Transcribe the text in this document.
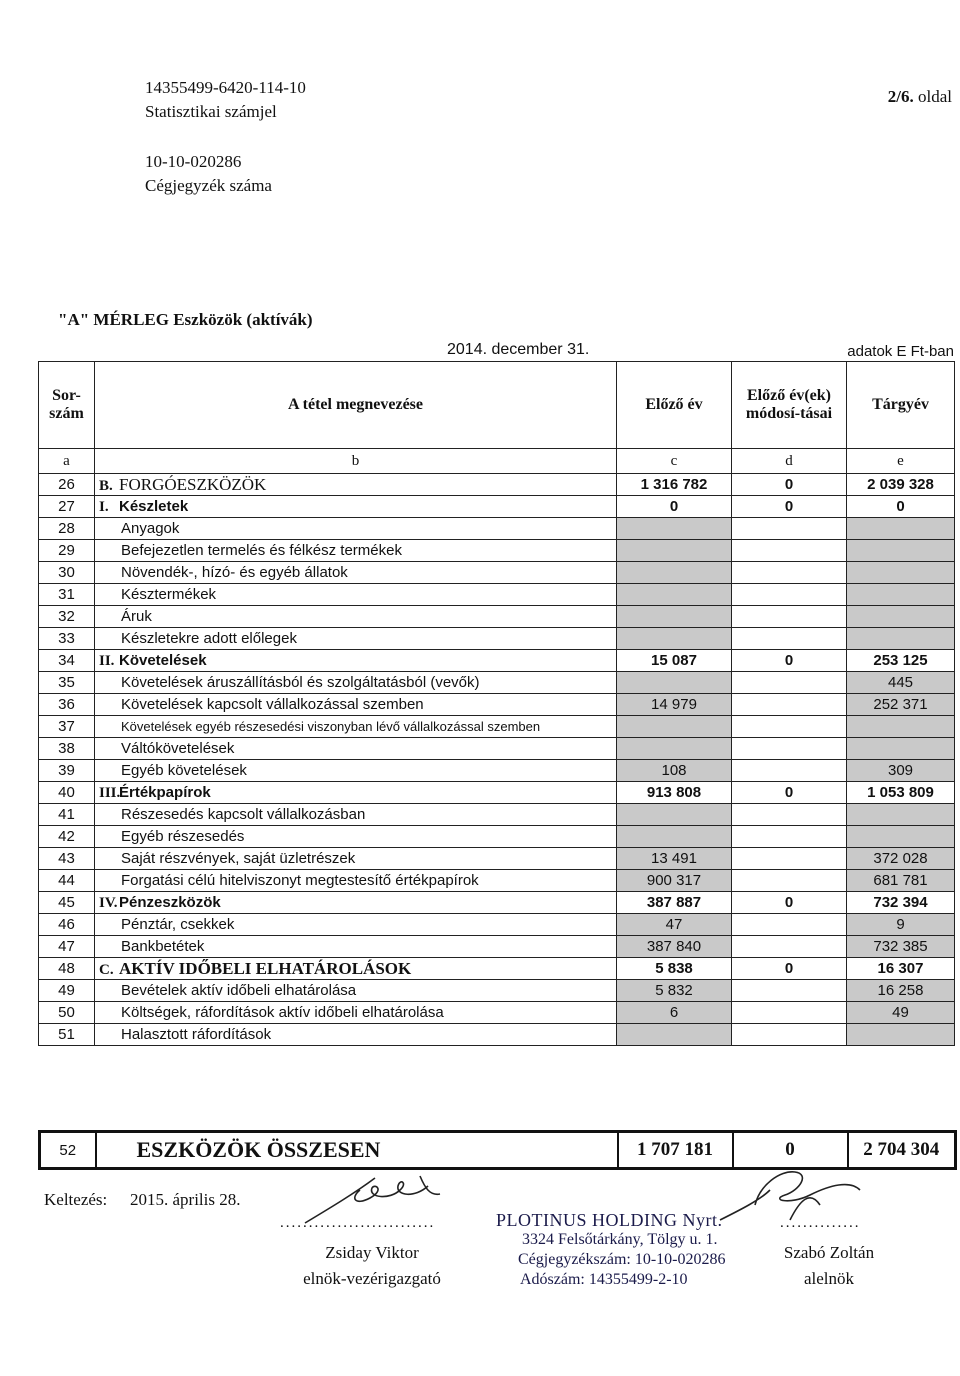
14355499-6420-114-10
Statisztikai számjel
10-10-020286
Cégjegyzék száma
2/6. oldal
"A" MÉRLEG Eszközök (aktívák)
2014. december 31.	adatok E Ft-ban
Sor-szám	A tétel megnevezése	Előző év	Előző év(ek) módosí-tásai	Tárgyév
a	b	c	d	e
26	B. FORGÓESZKÖZÖK	1 316 782	0	2 039 328
27	I. Készletek	0	0	0
28	Anyagok			
29	Befejezetlen termelés és félkész termékek			
30	Növendék-, hízó- és egyéb állatok			
31	Késztermékek			
32	Áruk			
33	Készletekre adott előlegek			
34	II. Követelések	15 087	0	253 125
35	Követelések áruszállításból és szolgáltatásból (vevők)			445
36	Követelések kapcsolt vállalkozással szemben	14 979		252 371
37	Követelések egyéb részesedési viszonyban lévő vállalkozással szemben			
38	Váltókövetelések			
39	Egyéb követelések	108		309
40	III.Értékpapírok	913 808	0	1 053 809
41	Részesedés kapcsolt vállalkozásban			
42	Egyéb részesedés			
43	Saját részvények, saját üzletrészek	13 491		372 028
44	Forgatási célú hitelviszonyt megtestesítő értékpapírok	900 317		681 781
45	IV. Pénzeszközök	387 887	0	732 394
46	Pénztár, csekkek	47		9
47	Bankbetétek	387 840		732 385
48	C. AKTÍV IDŐBELI ELHATÁROLÁSOK	5 838	0	16 307
49	Bevételek aktív időbeli elhatárolása	5 832		16 258
50	Költségek, ráfordítások aktív időbeli elhatárolása	6		49
51	Halasztott ráfordítások			
52	ESZKÖZÖK ÖSSZESEN	1 707 181	0	2 704 304
Keltezés: 2015. április 28.
...........................
Zsiday Viktor
elnök-vezérigazgató
PLOTINUS HOLDING Nyrt.
3324 Felsőtárkány, Tölgy u. 1.
Cégjegyzékszám: 10-10-020286
Adószám: 14355499-2-10
..............
Szabó Zoltán
alelnök
